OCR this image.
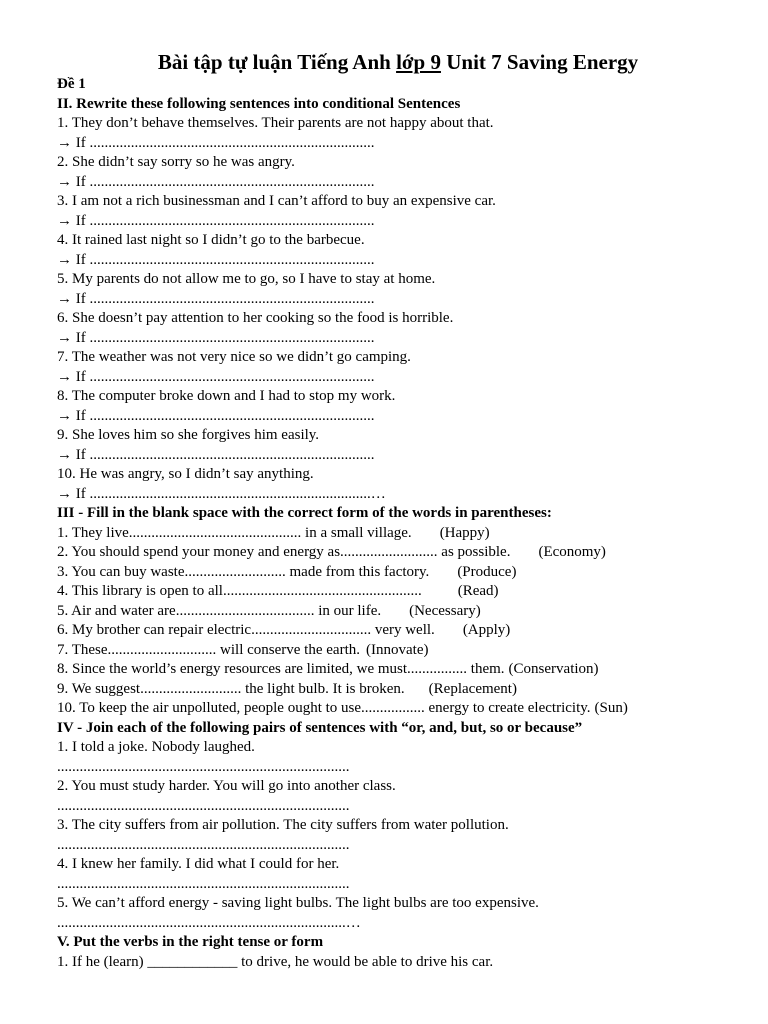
Bài tập tự luận Tiếng Anh lớp 9 Unit 7 Saving Energy
Đề 1
II. Rewrite these following sentences into conditional Sentences
1. They don’t behave themselves. Their parents are not happy about that.
→ If ............................................................................
2. She didn’t say sorry so he was angry.
→ If ............................................................................
3. I am not a rich businessman and I can’t afford to buy an expensive car.
→ If ............................................................................
4. It rained last night so I didn’t go to the barbecue.
→ If ............................................................................
5. My parents do not allow me to go, so I have to stay at home.
→ If ............................................................................
6. She doesn’t pay attention to her cooking so the food is horrible.
→ If ............................................................................
7. The weather was not very nice so we didn’t go camping.
→ If ............................................................................
8. The computer broke down and I had to stop my work.
→ If ............................................................................
9. She loves him so she forgives him easily.
→ If ............................................................................
10. He was angry, so I didn’t say anything.
→ If ...........................................................................…
III - Fill in the blank space with the correct form of the words in parentheses:
1. They live.............................................. in a small village. (Happy)
2. You should spend your money and energy as.......................... as possible. (Economy)
3. You can buy waste........................... made from this factory. (Produce)
4. This library is open to all..................................................... (Read)
5. Air and water are..................................... in our life. (Necessary)
6. My brother can repair electric................................ very well. (Apply)
7. These............................. will conserve the earth. (Innovate)
8. Since the world’s energy resources are limited, we must................ them. (Conservation)
9. We suggest........................... the light bulb. It is broken. (Replacement)
10. To keep the air unpolluted, people ought to use................. energy to create electricity. (Sun)
IV - Join each of the following pairs of sentences with “or, and, but, so or because”
1. I told a joke. Nobody laughed.
..............................................................................
2. You must study harder. You will go into another class.
..............................................................................
3. The city suffers from air pollution. The city suffers from water pollution.
..............................................................................
4. I knew her family. I did what I could for her.
..............................................................................
5. We can’t afford energy - saving light bulbs. The light bulbs are too expensive.
.............................................................................…
V. Put the verbs in the right tense or form
1. If he (learn) ____________ to drive, he would be able to drive his car.
